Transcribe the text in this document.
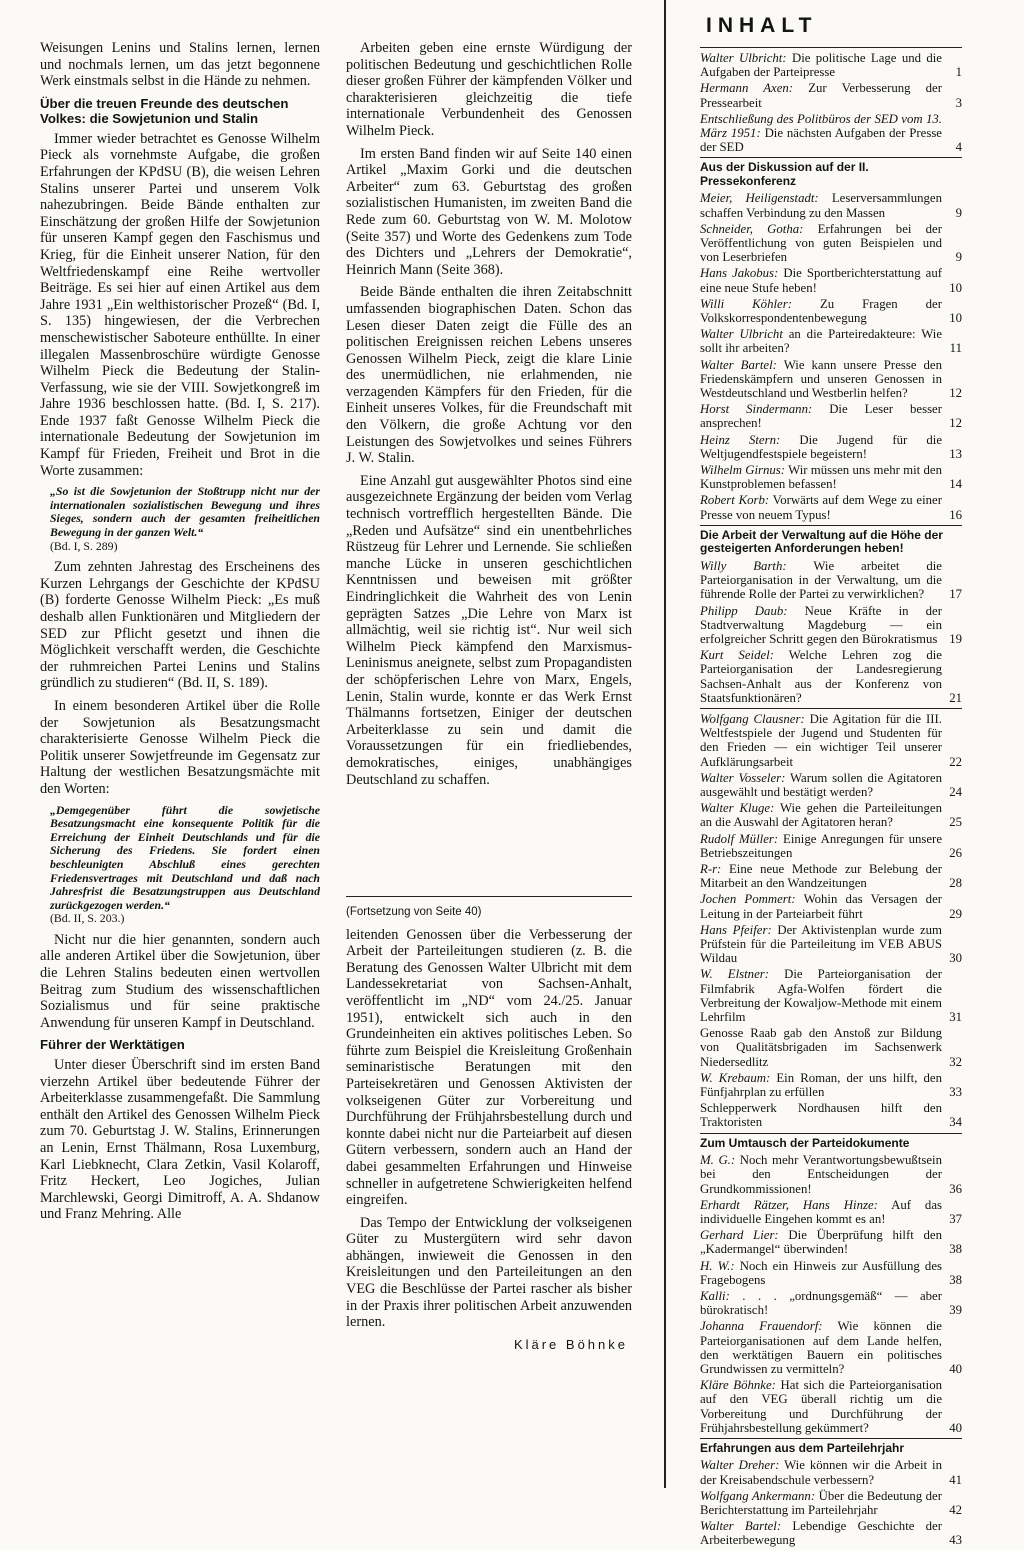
Weisungen Lenins und Stalins lernen, lernen und nochmals lernen, um das jetzt begonnene Werk einstmals selbst in die Hände zu nehmen.

Über die treuen Freunde des deutschen Volkes: die Sowjetunion und Stalin

Immer wieder betrachtet es Genosse Wilhelm Pieck als vornehmste Aufgabe, die großen Erfahrungen der KPdSU (B), die weisen Lehren Stalins unserer Partei und unserem Volk nahezubringen. Beide Bände enthalten zur Einschätzung der großen Hilfe der Sowjetunion für unseren Kampf gegen den Faschismus und Krieg, für die Einheit unserer Nation, für den Weltfriedenskampf eine Reihe wertvoller Beiträge. Es sei hier auf einen Artikel aus dem Jahre 1931 „Ein welthistorischer Prozeß“ (Bd. I, S. 135) hingewiesen, der die Verbrechen menschewistischer Saboteure enthüllte. In einer illegalen Massenbroschüre würdigte Genosse Wilhelm Pieck die Bedeutung der Stalin-Verfassung, wie sie der VIII. Sowjetkongreß im Jahre 1936 beschlossen hatte. (Bd. I, S. 217). Ende 1937 faßt Genosse Wilhelm Pieck die internationale Bedeutung der Sowjetunion im Kampf für Frieden, Freiheit und Brot in die Worte zusammen:

„So ist die Sowjetunion der Stoßtrupp nicht nur der internationalen sozialistischen Bewegung und ihres Sieges, sondern auch der gesamten freiheitlichen Bewegung in der ganzen Welt.“
(Bd. I, S. 289)

Zum zehnten Jahrestag des Erscheinens des Kurzen Lehrgangs der Geschichte der KPdSU (B) forderte Genosse Wilhelm Pieck: „Es muß deshalb allen Funktionären und Mitgliedern der SED zur Pflicht gesetzt und ihnen die Möglichkeit verschafft werden, die Geschichte der ruhmreichen Partei Lenins und Stalins gründlich zu studieren“ (Bd. II, S. 189).

In einem besonderen Artikel über die Rolle der Sowjetunion als Besatzungsmacht charakterisierte Genosse Wilhelm Pieck die Politik unserer Sowjetfreunde im Gegensatz zur Haltung der westlichen Besatzungsmächte mit den Worten:

„Demgegenüber führt die sowjetische Besatzungsmacht eine konsequente Politik für die Erreichung der Einheit Deutschlands und für die Sicherung des Friedens. Sie fordert einen beschleunigten Abschluß eines gerechten Friedensvertrages mit Deutschland und daß nach Jahresfrist die Besatzungstruppen aus Deutschland zurückgezogen werden.“
(Bd. II, S. 203.)

Nicht nur die hier genannten, sondern auch alle anderen Artikel über die Sowjetunion, über die Lehren Stalins bedeuten einen wertvollen Beitrag zum Studium des wissenschaftlichen Sozialismus und für seine praktische Anwendung für unseren Kampf in Deutschland.

Führer der Werktätigen

Unter dieser Überschrift sind im ersten Band vierzehn Artikel über bedeutende Führer der Arbeiterklasse zusammengefaßt. Die Sammlung enthält den Artikel des Genossen Wilhelm Pieck zum 70. Geburtstag J. W. Stalins, Erinnerungen an Lenin, Ernst Thälmann, Rosa Luxemburg, Karl Liebknecht, Clara Zetkin, Vasil Kolaroff, Fritz Heckert, Leo Jogiches, Julian Marchlewski, Georgi Dimitroff, A. A. Shdanow und Franz Mehring. Alle

Arbeiten geben eine ernste Würdigung der politischen Bedeutung und geschichtlichen Rolle dieser großen Führer der kämpfenden Völker und charakterisieren gleichzeitig die tiefe internationale Verbundenheit des Genossen Wilhelm Pieck.

Im ersten Band finden wir auf Seite 140 einen Artikel „Maxim Gorki und die deutschen Arbeiter“ zum 63. Geburtstag des großen sozialistischen Humanisten, im zweiten Band die Rede zum 60. Geburtstag von W. M. Molotow (Seite 357) und Worte des Gedenkens zum Tode des Dichters und „Lehrers der Demokratie“, Heinrich Mann (Seite 368).

Beide Bände enthalten die ihren Zeitabschnitt umfassenden biographischen Daten. Schon das Lesen dieser Daten zeigt die Fülle des an politischen Ereignissen reichen Lebens unseres Genossen Wilhelm Pieck, zeigt die klare Linie des unermüdlichen, nie erlahmenden, nie verzagenden Kämpfers für den Frieden, für die Einheit unseres Volkes, für die Freundschaft mit den Völkern, die große Achtung vor den Leistungen des Sowjetvolkes und seines Führers J. W. Stalin.

Eine Anzahl gut ausgewählter Photos sind eine ausgezeichnete Ergänzung der beiden vom Verlag technisch vortrefflich hergestellten Bände. Die „Reden und Aufsätze“ sind ein unentbehrliches Rüstzeug für Lehrer und Lernende. Sie schließen manche Lücke in unseren geschichtlichen Kenntnissen und beweisen mit größter Eindringlichkeit die Wahrheit des von Lenin geprägten Satzes „Die Lehre von Marx ist allmächtig, weil sie richtig ist“. Nur weil sich Wilhelm Pieck kämpfend den Marxismus-Leninismus aneignete, selbst zum Propagandisten der schöpferischen Lehre von Marx, Engels, Lenin, Stalin wurde, konnte er das Werk Ernst Thälmanns fortsetzen, Einiger der deutschen Arbeiterklasse zu sein und damit die Voraussetzungen für ein friedliebendes, demokratisches, einiges, unabhängiges Deutschland zu schaffen.

(Fortsetzung von Seite 40)

leitenden Genossen über die Verbesserung der Arbeit der Parteileitungen studieren (z. B. die Beratung des Genossen Walter Ulbricht mit dem Landessekretariat von Sachsen-Anhalt, veröffentlicht im „ND“ vom 24./25. Januar 1951), entwickelt sich auch in den Grundeinheiten ein aktives politisches Leben. So führte zum Beispiel die Kreisleitung Großenhain seminaristische Beratungen mit den Parteisekretären und Genossen Aktivisten der volkseigenen Güter zur Vorbereitung und Durchführung der Frühjahrsbestellung durch und konnte dabei nicht nur die Parteiarbeit auf diesen Gütern verbessern, sondern auch an Hand der dabei gesammelten Erfahrungen und Hinweise schneller in aufgetretene Schwierigkeiten helfend eingreifen.

Das Tempo der Entwicklung der volkseigenen Güter zu Mustergütern wird sehr davon abhängen, inwieweit die Genossen in den Kreisleitungen und den Parteileitungen an den VEG die Beschlüsse der Partei rascher als bisher in der Praxis ihrer politischen Arbeit anzuwenden lernen.

Kläre Böhnke
INHALT
Walter Ulbricht: Die politische Lage und die Aufgaben der Parteipresse	1
Hermann Axen: Zur Verbesserung der Pressearbeit	3
Entschließung des Politbüros der SED vom 13. März 1951: Die nächsten Aufgaben der Presse der SED	4
Aus der Diskussion auf der II. Pressekonferenz
Meier, Heiligenstadt: Leserversammlungen schaffen Verbindung zu den Massen	9
Schneider, Gotha: Erfahrungen bei der Veröffentlichung von guten Beispielen und von Leserbriefen	9
Hans Jakobus: Die Sportberichterstattung auf eine neue Stufe heben!	10
Willi Köhler: Zu Fragen der Volkskorrespondentenbewegung	10
Walter Ulbricht an die Parteiredakteure: Wie sollt ihr arbeiten?	11
Walter Bartel: Wie kann unsere Presse den Friedenskämpfern und unseren Genossen in Westdeutschland und Westberlin helfen?	12
Horst Sindermann: Die Leser besser ansprechen!	12
Heinz Stern: Die Jugend für die Weltjugendfestspiele begeistern!	13
Wilhelm Girnus: Wir müssen uns mehr mit den Kunstproblemen befassen!	14
Robert Korb: Vorwärts auf dem Wege zu einer Presse von neuem Typus!	16
Die Arbeit der Verwaltung auf die Höhe der gesteigerten Anforderungen heben!
Willy Barth: Wie arbeitet die Parteiorganisation in der Verwaltung, um die führende Rolle der Partei zu verwirklichen?	17
Philipp Daub: Neue Kräfte in der Stadtverwaltung Magdeburg — ein erfolgreicher Schritt gegen den Bürokratismus 19
Kurt Seidel: Welche Lehren zog die Parteiorganisation der Landesregierung Sachsen-Anhalt aus der Konferenz von Staatsfunktionären?	21
Wolfgang Clausner: Die Agitation für die III. Weltfestspiele der Jugend und Studenten für den Frieden — ein wichtiger Teil unserer Aufklärungsarbeit	22
Walter Vosseler: Warum sollen die Agitatoren ausgewählt und bestätigt werden?	24
Walter Kluge: Wie gehen die Parteileitungen an die Auswahl der Agitatoren heran?	25
Rudolf Müller: Einige Anregungen für unsere Betriebszeitungen	26
R-r: Eine neue Methode zur Belebung der Mitarbeit an den Wandzeitungen	28
Jochen Pommert: Wohin das Versagen der Leitung in der Parteiarbeit führt	29
Hans Pfeifer: Der Aktivistenplan wurde zum Prüfstein für die Parteileitung im VEB ABUS Wildau	30
W. Elstner: Die Parteiorganisation der Filmfabrik Agfa-Wolfen fördert die Verbreitung der Kowaljow-Methode mit einem Lehrfilm	31
Genosse Raab gab den Anstoß zur Bildung von Qualitätsbrigaden im Sachsenwerk Niedersedlitz	32
W. Krebaum: Ein Roman, der uns hilft, den Fünfjahrplan zu erfüllen	33
Schlepperwerk Nordhausen hilft den Traktoristen	34
Zum Umtausch der Parteidokumente
M. G.: Noch mehr Verantwortungsbewußtsein bei den Entscheidungen der Grundkommissionen!	36
Erhardt Rätzer, Hans Hinze: Auf das individuelle Eingehen kommt es an!	37
Gerhard Lier: Die Überprüfung hilft den „Kadermangel“ überwinden!	38
H. W.: Noch ein Hinweis zur Ausfüllung des Fragebogens	38
Kalli: . . . „ordnungsgemäß“ — aber bürokratisch!	39
Johanna Frauendorf: Wie können die Parteiorganisationen auf dem Lande helfen, den werktätigen Bauern ein politisches Grundwissen zu vermitteln?	40
Kläre Böhnke: Hat sich die Parteiorganisation auf den VEG überall richtig um die Vorbereitung und Durchführung der Frühjahrsbestellung gekümmert?	40
Erfahrungen aus dem Parteilehrjahr
Walter Dreher: Wie können wir die Arbeit in der Kreisabendschule verbessern?	41
Wolfgang Ankermann: Über die Bedeutung der Berichterstattung im Parteilehrjahr	42
Walter Bartel: Lebendige Geschichte der Arbeiterbewegung	43
